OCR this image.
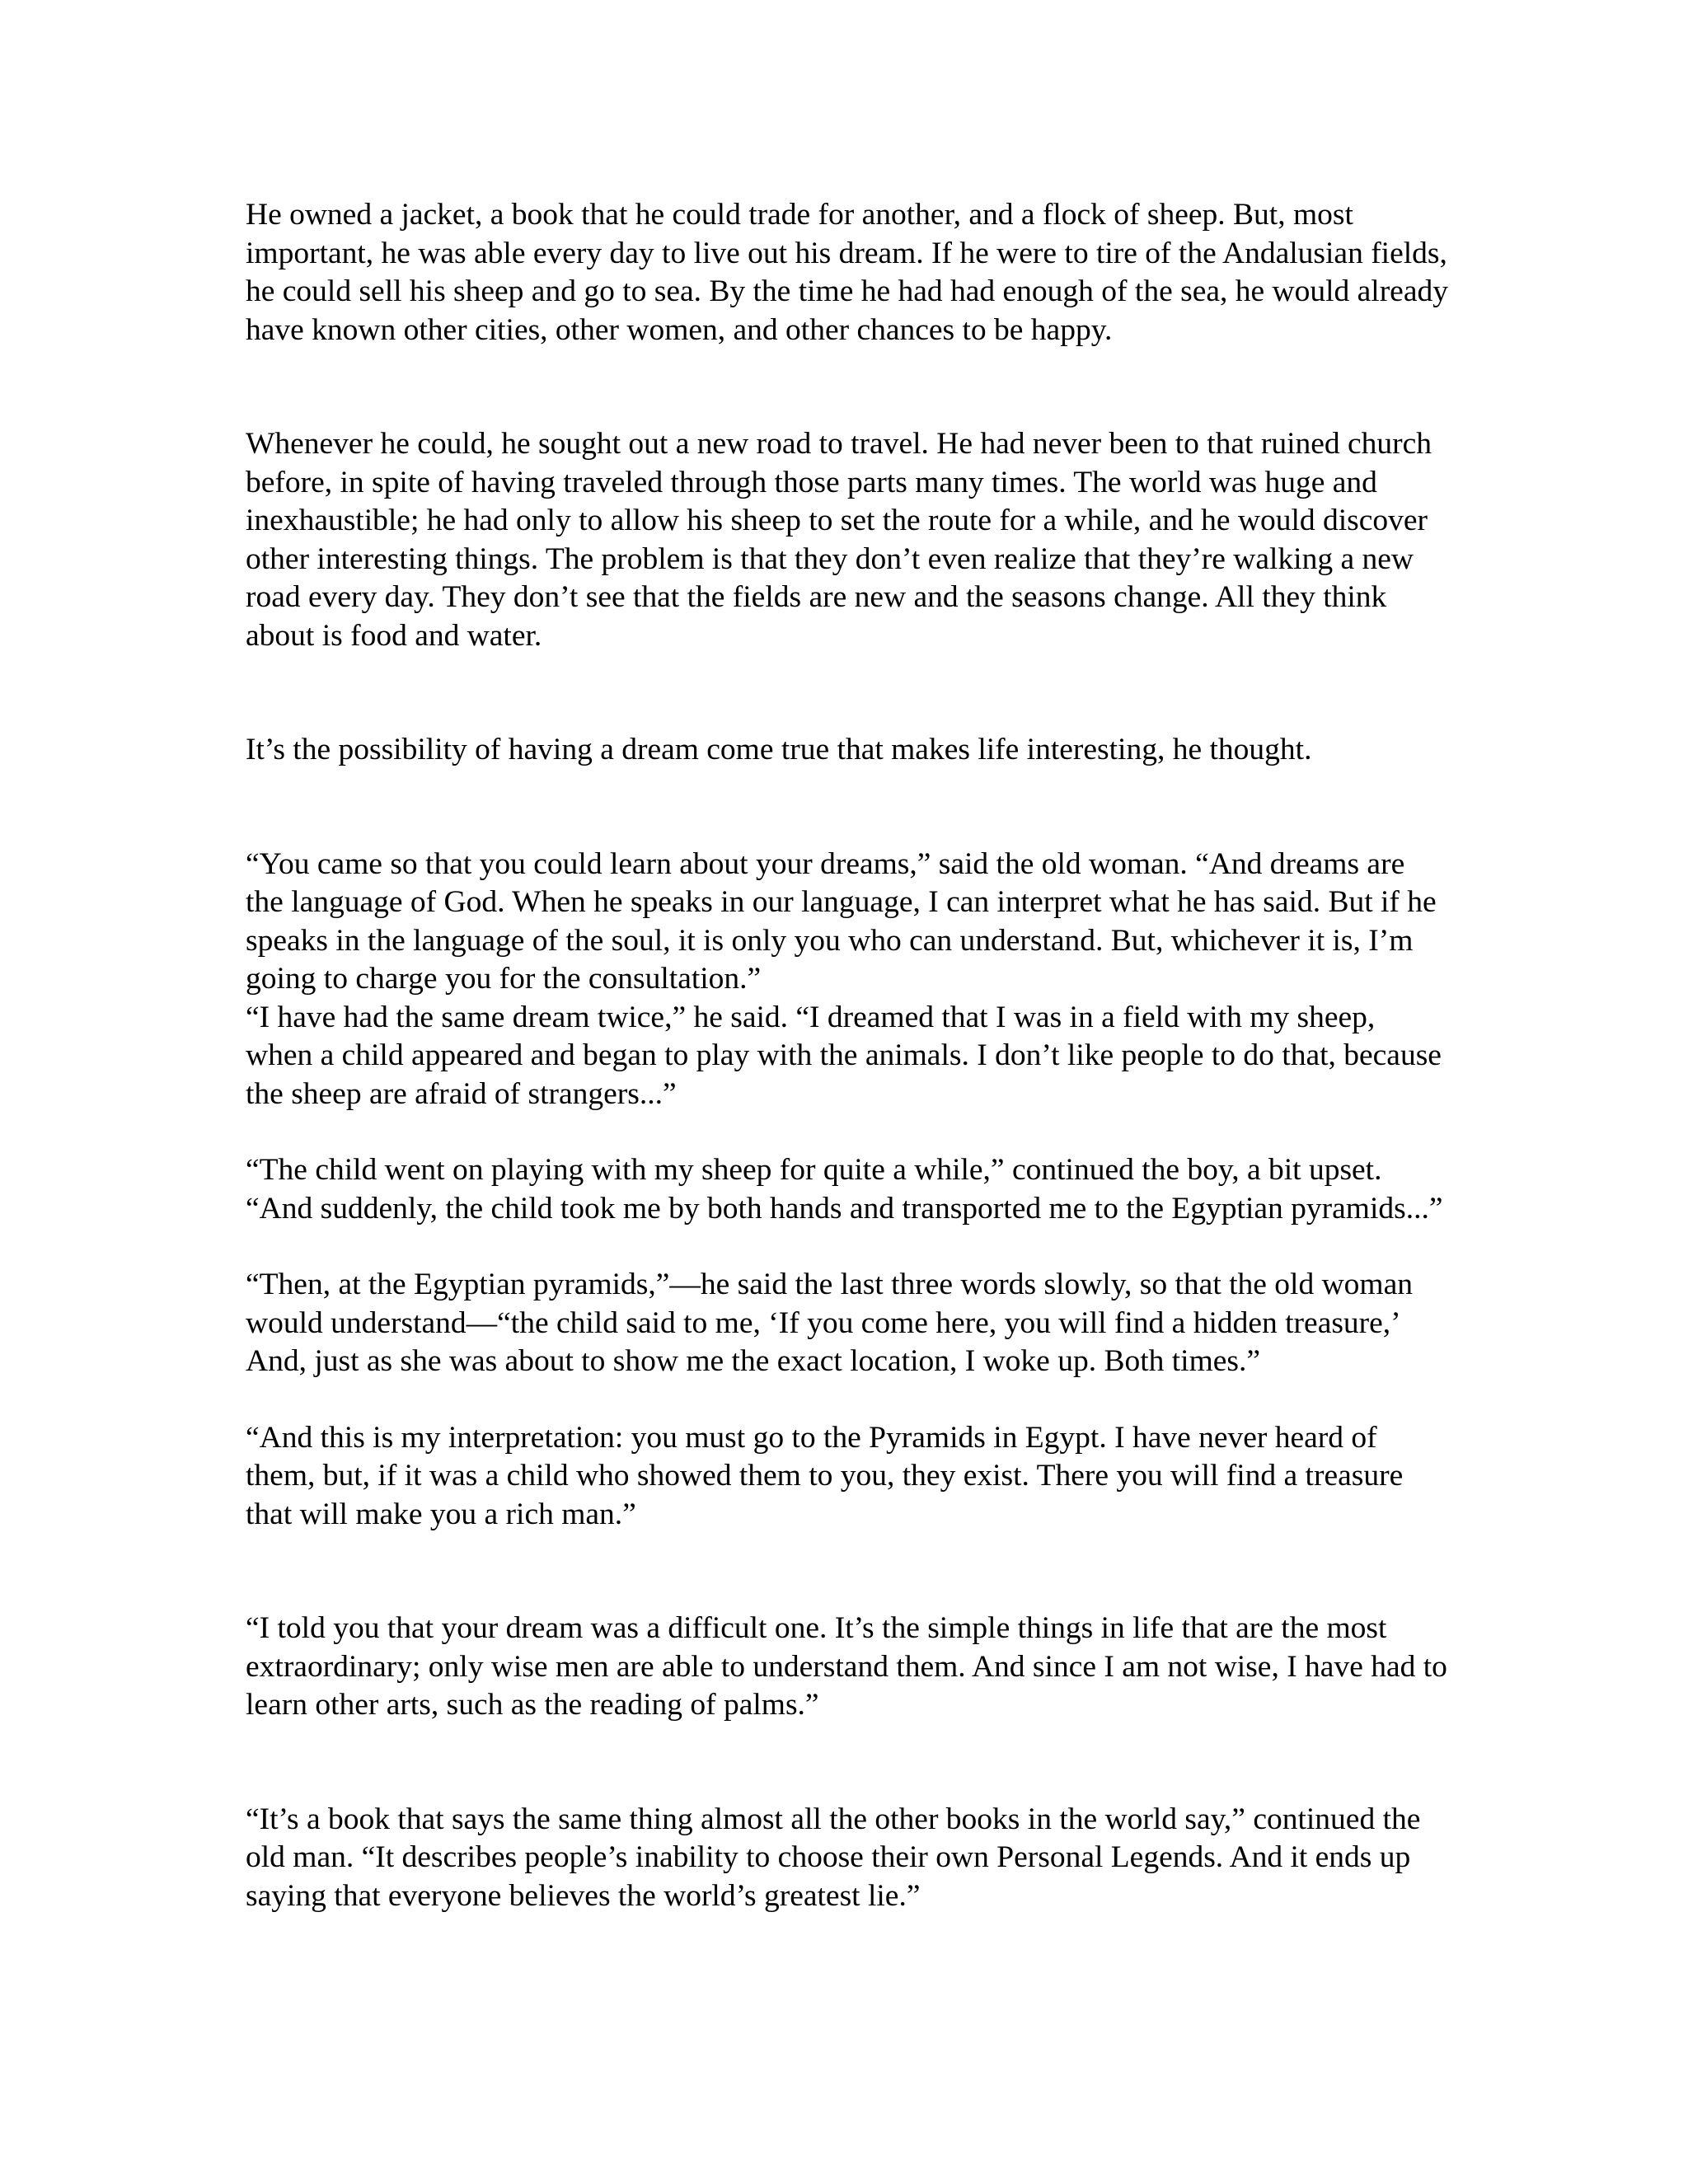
He owned a jacket, a book that he could trade for another, and a flock of sheep. But, most important, he was able every day to live out his dream. If he were to tire of the Andalusian fields, he could sell his sheep and go to sea. By the time he had had enough of the sea, he would already have known other cities, other women, and other chances to be happy.

Whenever he could, he sought out a new road to travel. He had never been to that ruined church before, in spite of having traveled through those parts many times. The world was huge and inexhaustible; he had only to allow his sheep to set the route for a while, and he would discover other interesting things. The problem is that they don’t even realize that they’re walking a new road every day. They don’t see that the fields are new and the seasons change. All they think about is food and water.

It’s the possibility of having a dream come true that makes life interesting, he thought.

“You came so that you could learn about your dreams,” said the old woman. “And dreams are the language of God. When he speaks in our language, I can interpret what he has said. But if he speaks in the language of the soul, it is only you who can understand. But, whichever it is, I’m going to charge you for the consultation.”

“I have had the same dream twice,” he said. “I dreamed that I was in a field with my sheep, when a child appeared and began to play with the animals. I don’t like people to do that, because the sheep are afraid of strangers...”

“The child went on playing with my sheep for quite a while,” continued the boy, a bit upset. “And suddenly, the child took me by both hands and transported me to the Egyptian pyramids...”

“Then, at the Egyptian pyramids,”—he said the last three words slowly, so that the old woman would understand—“the child said to me, ‘If you come here, you will find a hidden treasure,’ And, just as she was about to show me the exact location, I woke up. Both times.”

“And this is my interpretation: you must go to the Pyramids in Egypt. I have never heard of them, but, if it was a child who showed them to you, they exist. There you will find a treasure that will make you a rich man.”

“I told you that your dream was a difficult one. It’s the simple things in life that are the most extraordinary; only wise men are able to understand them. And since I am not wise, I have had to learn other arts, such as the reading of palms.”

“It’s a book that says the same thing almost all the other books in the world say,” continued the old man. “It describes people’s inability to choose their own Personal Legends. And it ends up saying that everyone believes the world’s greatest lie.”
